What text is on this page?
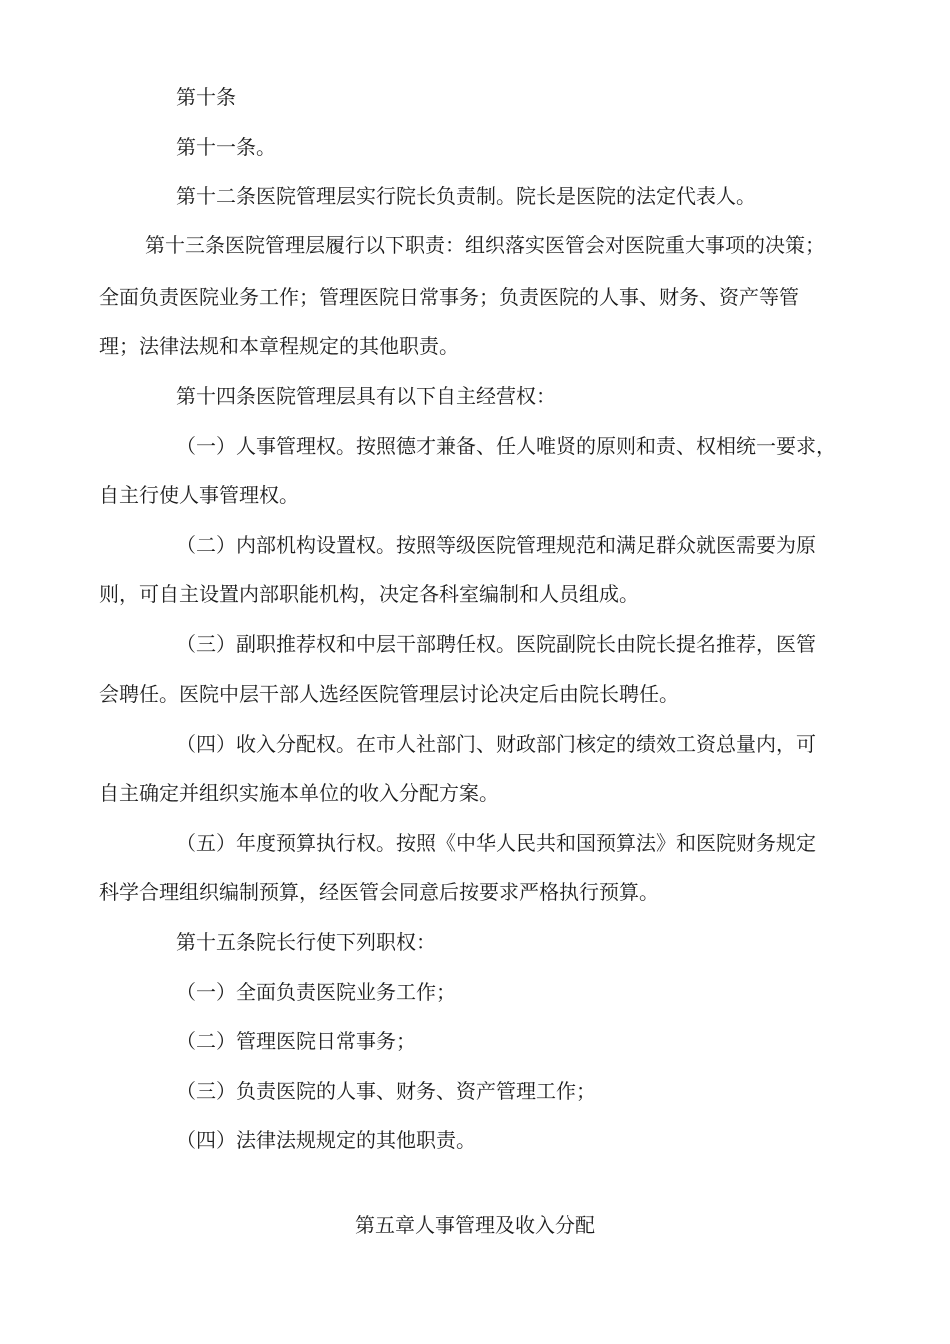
第十条
第十一条。
第十二条医院管理层实行院长负责制。院长是医院的法定代表人。
第十三条医院管理层履行以下职责：组织落实医管会对医院重大事项的决策；
全面负责医院业务工作；管理医院日常事务；负责医院的人事、财务、资产等管
理；法律法规和本章程规定的其他职责。
第十四条医院管理层具有以下自主经营权：
（一）人事管理权。按照德才兼备、任人唯贤的原则和责、权相统一要求，
自主行使人事管理权。
（二）内部机构设置权。按照等级医院管理规范和满足群众就医需要为原
则，可自主设置内部职能机构，决定各科室编制和人员组成。
（三）副职推荐权和中层干部聘任权。医院副院长由院长提名推荐，医管
会聘任。医院中层干部人选经医院管理层讨论决定后由院长聘任。
（四）收入分配权。在市人社部门、财政部门核定的绩效工资总量内，可
自主确定并组织实施本单位的收入分配方案。
（五）年度预算执行权。按照《中华人民共和国预算法》和医院财务规定
科学合理组织编制预算，经医管会同意后按要求严格执行预算。
第十五条院长行使下列职权：
（一）全面负责医院业务工作；
（二）管理医院日常事务；
（三）负责医院的人事、财务、资产管理工作；
（四）法律法规规定的其他职责。
第五章人事管理及收入分配
